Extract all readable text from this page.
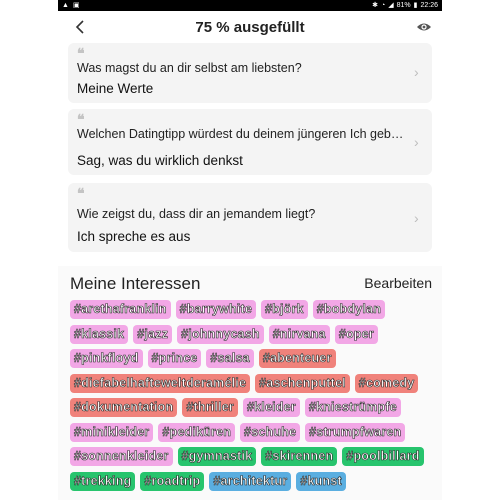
▲ ▣	✱ ◔ ◢ 81% ▮ 22:26
75 % ausgefüllt
❝
Was magst du an dir selbst am liebsten?
Meine Werte
›
❝
Welchen Datingtipp würdest du deinem jüngeren Ich geb…
Sag, was du wirklich denkst
›
❝
Wie zeigst du, dass dir an jemandem liegt?
Ich spreche es aus
›
Meine Interessen	Bearbeiten
#arethafranklin	#barrywhite	#björk	#bobdylan
#klassik	#jazz	#johnnycash	#nirvana	#oper
#pinkfloyd	#prince	#salsa	#abenteuer
#diefabelhafteweltderamélie	#aschenputtel	#comedy
#dokumentation	#thriller	#kleider	#kniestrümpfe
#minikleider	#pediküren	#schuhe	#strumpfwaren
#sonnenkleider	#gymnastik	#skirennen	#poolbillard
#trekking	#roadtrip	#architektur	#kunst
